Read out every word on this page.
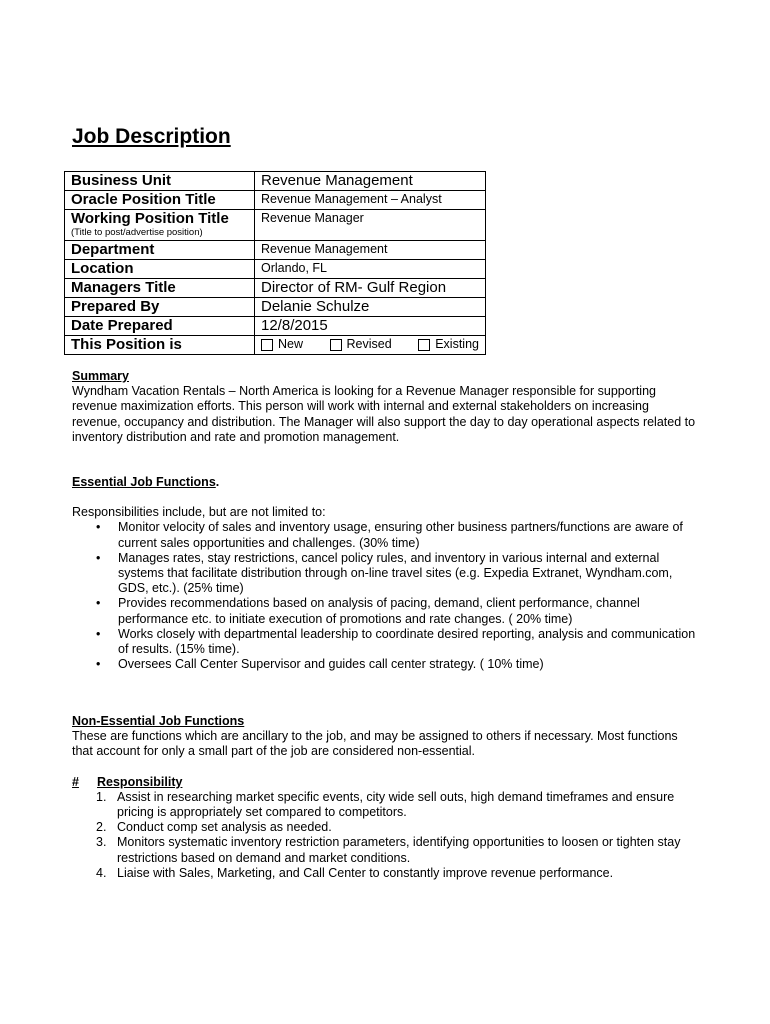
Job Description
Business Unit	Revenue Management
Oracle Position Title	Revenue Management – Analyst
Working Position Title
(Title to post/advertise position)	Revenue Manager
Department	Revenue Management
Location	Orlando, FL
Managers Title	Director of RM- Gulf Region
Prepared By	Delanie Schulze
Date Prepared	12/8/2015
This Position is	New Revised Existing
Summary
Wyndham Vacation Rentals – North America is looking for a Revenue Manager responsible for supporting revenue maximization efforts. This person will work with internal and external stakeholders on increasing revenue, occupancy and distribution. The Manager will also support the day to day operational aspects related to inventory distribution and rate and promotion management.
Essential Job Functions.
Responsibilities include, but are not limited to:
• Monitor velocity of sales and inventory usage, ensuring other business partners/functions are aware of current sales opportunities and challenges. (30% time)
• Manages rates, stay restrictions, cancel policy rules, and inventory in various internal and external systems that facilitate distribution through on-line travel sites (e.g. Expedia Extranet, Wyndham.com, GDS, etc.). (25% time)
• Provides recommendations based on analysis of pacing, demand, client performance, channel performance etc. to initiate execution of promotions and rate changes. ( 20% time)
• Works closely with departmental leadership to coordinate desired reporting, analysis and communication of results. (15% time).
• Oversees Call Center Supervisor and guides call center strategy. ( 10% time)
Non-Essential Job Functions
These are functions which are ancillary to the job, and may be assigned to others if necessary. Most functions that account for only a small part of the job are considered non-essential.
#	Responsibility
1. Assist in researching market specific events, city wide sell outs, high demand timeframes and ensure pricing is appropriately set compared to competitors.
2. Conduct comp set analysis as needed.
3. Monitors systematic inventory restriction parameters, identifying opportunities to loosen or tighten stay restrictions based on demand and market conditions.
4. Liaise with Sales, Marketing, and Call Center to constantly improve revenue performance.
